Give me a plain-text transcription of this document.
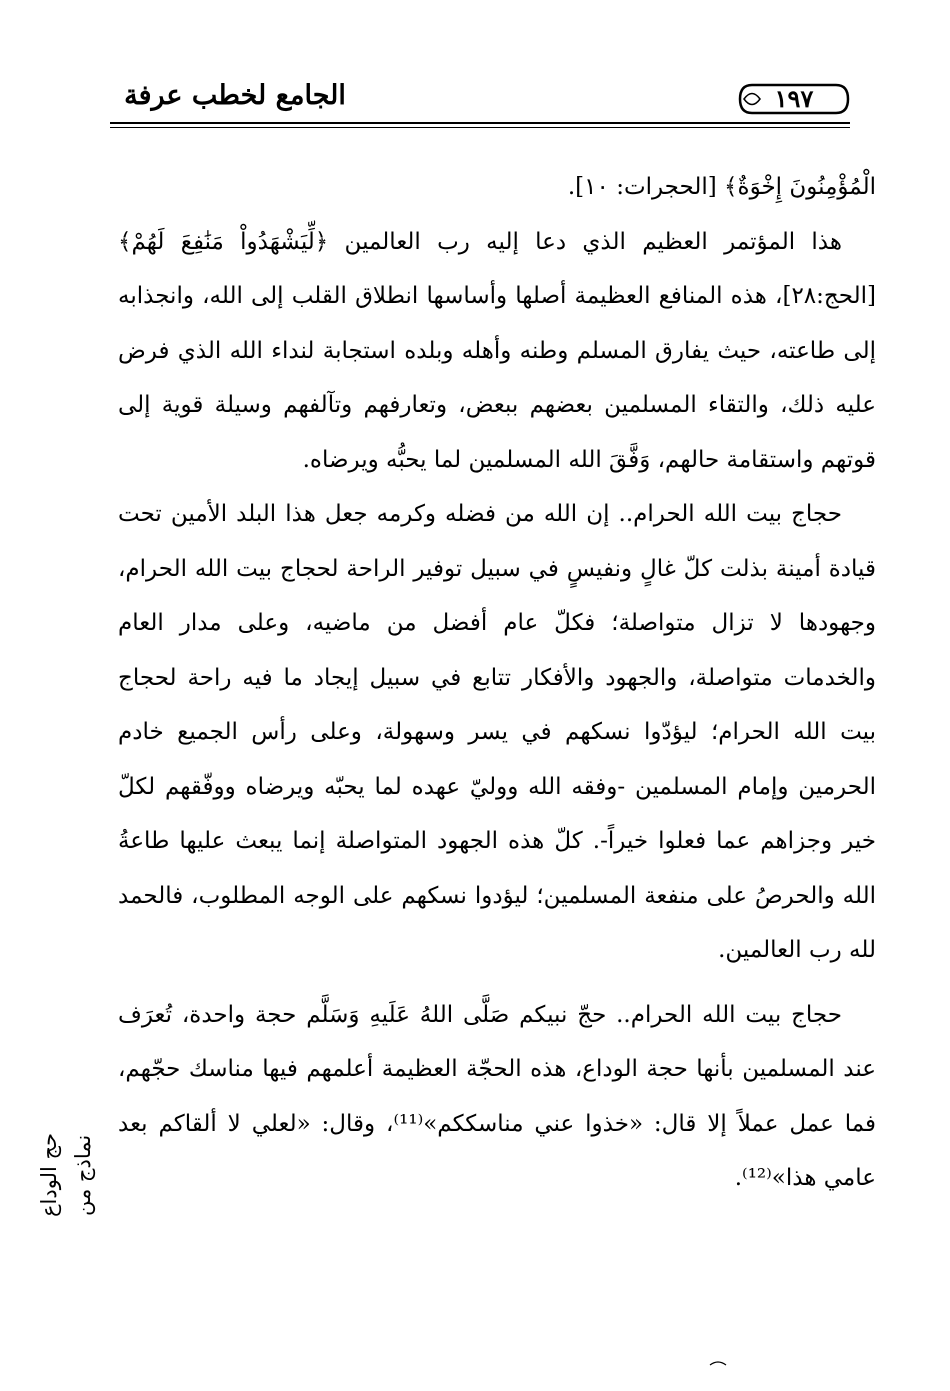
الجامع لخطب عرفة	١٩٧

الْمُؤْمِنُونَ إِخْوَةٌ﴾ [الحجرات: ١٠].

هذا المؤتمر العظيم الذي دعا إليه رب العالمين ﴿لِّيَشْهَدُواْ مَنَٰفِعَ لَهُمْ﴾ [الحج:٢٨]، هذه المنافع العظيمة أصلها وأساسها انطلاق القلب إلى الله، وانجذابه إلى طاعته، حيث يفارق المسلم وطنه وأهله وبلده استجابة لنداء الله الذي فرض عليه ذلك، والتقاء المسلمين بعضهم ببعض، وتعارفهم وتآلفهم وسيلة قوية إلى قوتهم واستقامة حالهم، وَفَّقَ الله المسلمين لما يحبُّه ويرضاه.

حجاج بيت الله الحرام.. إن الله من فضله وكرمه جعل هذا البلد الأمين تحت قيادة أمينة بذلت كلّ غالٍ ونفيسٍ في سبيل توفير الراحة لحجاج بيت الله الحرام، وجهودها لا تزال متواصلة؛ فكلّ عام أفضل من ماضيه، وعلى مدار العام والخدمات متواصلة، والجهود والأفكار تتابع في سبيل إيجاد ما فيه راحة لحجاج بيت الله الحرام؛ ليؤدّوا نسكهم في يسر وسهولة، وعلى رأس الجميع خادم الحرمين وإمام المسلمين -وفقه الله ووليّ عهده لما يحبّه ويرضاه ووفّقهم لكلّ خير وجزاهم عما فعلوا خيراً-. كلّ هذه الجهود المتواصلة إنما يبعث عليها طاعةُ الله والحرصُ على منفعة المسلمين؛ ليؤدوا نسكهم على الوجه المطلوب، فالحمد لله رب العالمين.

حجاج بيت الله الحرام.. حجّ نبيكم صَلَّى اللهُ عَلَيهِ وَسَلَّم حجة واحدة، تُعرَف عند المسلمين بأنها حجة الوداع، هذه الحجّة العظيمة أعلمهم فيها مناسك حجّهم، فما عمل عملاً إلا قال: «خذوا عني مناسككم»⁽¹¹⁾، وقال: «لعلي لا ألقاكم بعد عامي هذا»⁽¹²⁾.

نماذج من
حج الوداع
